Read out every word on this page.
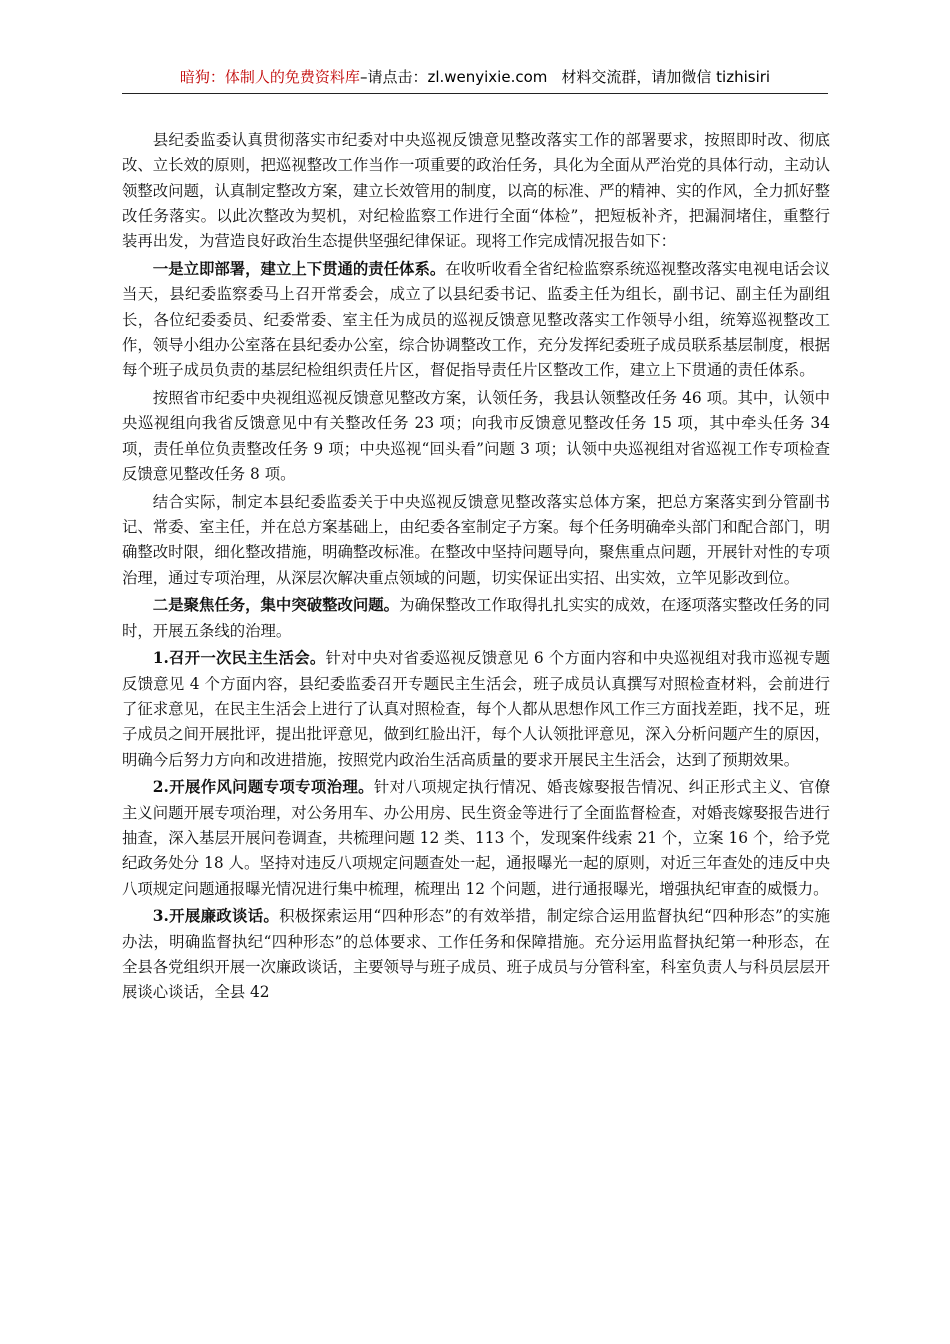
暗狗：体制人的免费资料库–请点击：zl.wenyixie.com 材料交流群，请加微信 tizhisiri

县纪委监委认真贯彻落实市纪委对中央巡视反馈意见整改落实工作的部署要求，按照即时改、彻底改、立长效的原则，把巡视整改工作当作一项重要的政治任务，具化为全面从严治党的具体行动，主动认领整改问题，认真制定整改方案，建立长效管用的制度，以高的标准、严的精神、实的作风，全力抓好整改任务落实。以此次整改为契机，对纪检监察工作进行全面“体检”，把短板补齐，把漏洞堵住，重整行装再出发，为营造良好政治生态提供坚强纪律保证。现将工作完成情况报告如下：

一是立即部署，建立上下贯通的责任体系。在收听收看全省纪检监察系统巡视整改落实电视电话会议当天，县纪委监察委马上召开常委会，成立了以县纪委书记、监委主任为组长，副书记、副主任为副组长，各位纪委委员、纪委常委、室主任为成员的巡视反馈意见整改落实工作领导小组，统筹巡视整改工作，领导小组办公室落在县纪委办公室，综合协调整改工作，充分发挥纪委班子成员联系基层制度，根据每个班子成员负责的基层纪检组织责任片区，督促指导责任片区整改工作，建立上下贯通的责任体系。

按照省市纪委中央视组巡视反馈意见整改方案，认领任务，我县认领整改任务 46 项。其中，认领中央巡视组向我省反馈意见中有关整改任务 23 项；向我市反馈意见整改任务 15 项，其中牵头任务 34 项，责任单位负责整改任务 9 项；中央巡视“回头看”问题 3 项；认领中央巡视组对省巡视工作专项检查反馈意见整改任务 8 项。

结合实际，制定本县纪委监委关于中央巡视反馈意见整改落实总体方案，把总方案落实到分管副书记、常委、室主任，并在总方案基础上，由纪委各室制定子方案。每个任务明确牵头部门和配合部门，明确整改时限，细化整改措施，明确整改标准。在整改中坚持问题导向，聚焦重点问题，开展针对性的专项治理，通过专项治理，从深层次解决重点领域的问题，切实保证出实招、出实效，立竿见影改到位。

二是聚焦任务，集中突破整改问题。为确保整改工作取得扎扎实实的成效，在逐项落实整改任务的同时，开展五条线的治理。

1.召开一次民主生活会。针对中央对省委巡视反馈意见 6 个方面内容和中央巡视组对我市巡视专题反馈意见 4 个方面内容，县纪委监委召开专题民主生活会，班子成员认真撰写对照检查材料，会前进行了征求意见，在民主生活会上进行了认真对照检查，每个人都从思想作风工作三方面找差距，找不足，班子成员之间开展批评，提出批评意见，做到红脸出汗，每个人认领批评意见，深入分析问题产生的原因，明确今后努力方向和改进措施，按照党内政治生活高质量的要求开展民主生活会，达到了预期效果。

2.开展作风问题专项专项治理。针对八项规定执行情况、婚丧嫁娶报告情况、纠正形式主义、官僚主义问题开展专项治理，对公务用车、办公用房、民生资金等进行了全面监督检查，对婚丧嫁娶报告进行抽查，深入基层开展问卷调查，共梳理问题 12 类、113 个，发现案件线索 21 个，立案 16 个，给予党纪政务处分 18 人。坚持对违反八项规定问题查处一起，通报曝光一起的原则，对近三年查处的违反中央八项规定问题通报曝光情况进行集中梳理，梳理出 12 个问题，进行通报曝光，增强执纪审查的威慑力。

3.开展廉政谈话。积极探索运用“四种形态”的有效举措，制定综合运用监督执纪“四种形态”的实施办法，明确监督执纪“四种形态”的总体要求、工作任务和保障措施。充分运用监督执纪第一种形态，在全县各党组织开展一次廉政谈话，主要领导与班子成员、班子成员与分管科室，科室负责人与科员层层开展谈心谈话，全县 42
